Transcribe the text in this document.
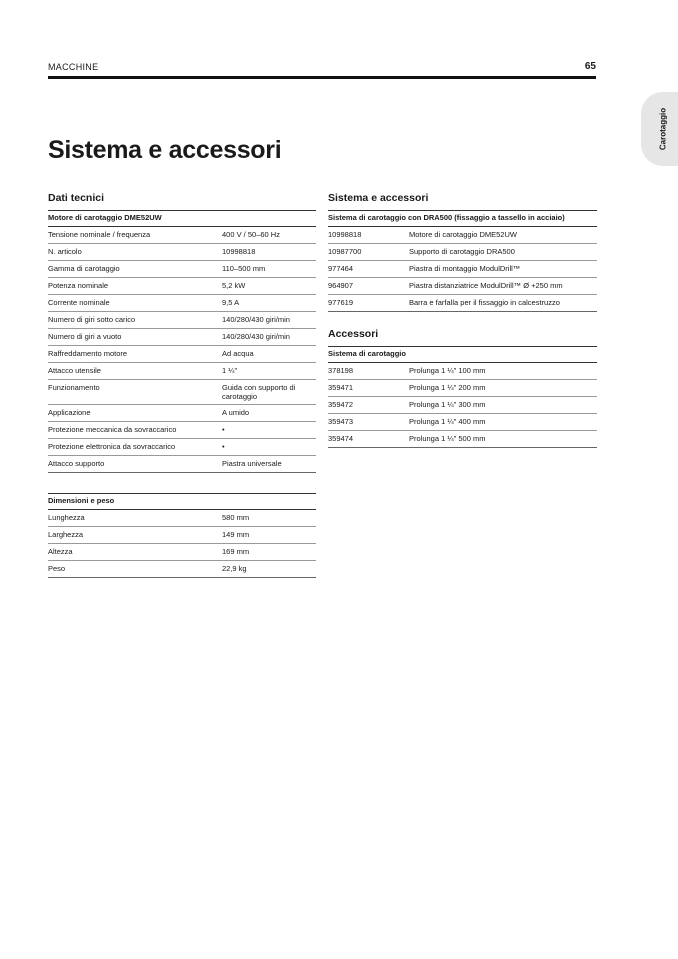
MACCHINE	65
Carotaggio
Sistema e accessori
Dati tecnici
Motore di carotaggio DME52UW
Tensione nominale / frequenza	400 V / 50–60 Hz
N. articolo	10998818
Gamma di carotaggio	110–500 mm
Potenza nominale	5,2 kW
Corrente nominale	9,5 A
Numero di giri sotto carico	140/280/430 giri/min
Numero di giri a vuoto	140/280/430 giri/min
Raffreddamento motore	Ad acqua
Attacco utensile	1 ¼"
Funzionamento	Guida con supporto di carotaggio
Applicazione	A umido
Protezione meccanica da sovraccarico	•
Protezione elettronica da sovraccarico	•
Attacco supporto	Piastra universale
Dimensioni e peso
Lunghezza	580 mm
Larghezza	149 mm
Altezza	169 mm
Peso	22,9 kg
Sistema e accessori
Sistema di carotaggio con DRA500 (fissaggio a tassello in acciaio)
10998818	Motore di carotaggio DME52UW
10987700	Supporto di carotaggio DRA500
977464	Piastra di montaggio ModulDrill™
964907	Piastra distanziatrice ModulDrill™ Ø +250 mm
977619	Barra e farfalla per il fissaggio in calcestruzzo
Accessori
Sistema di carotaggio
378198	Prolunga 1 ¼" 100 mm
359471	Prolunga 1 ¼" 200 mm
359472	Prolunga 1 ¼" 300 mm
359473	Prolunga 1 ¼" 400 mm
359474	Prolunga 1 ¼" 500 mm
